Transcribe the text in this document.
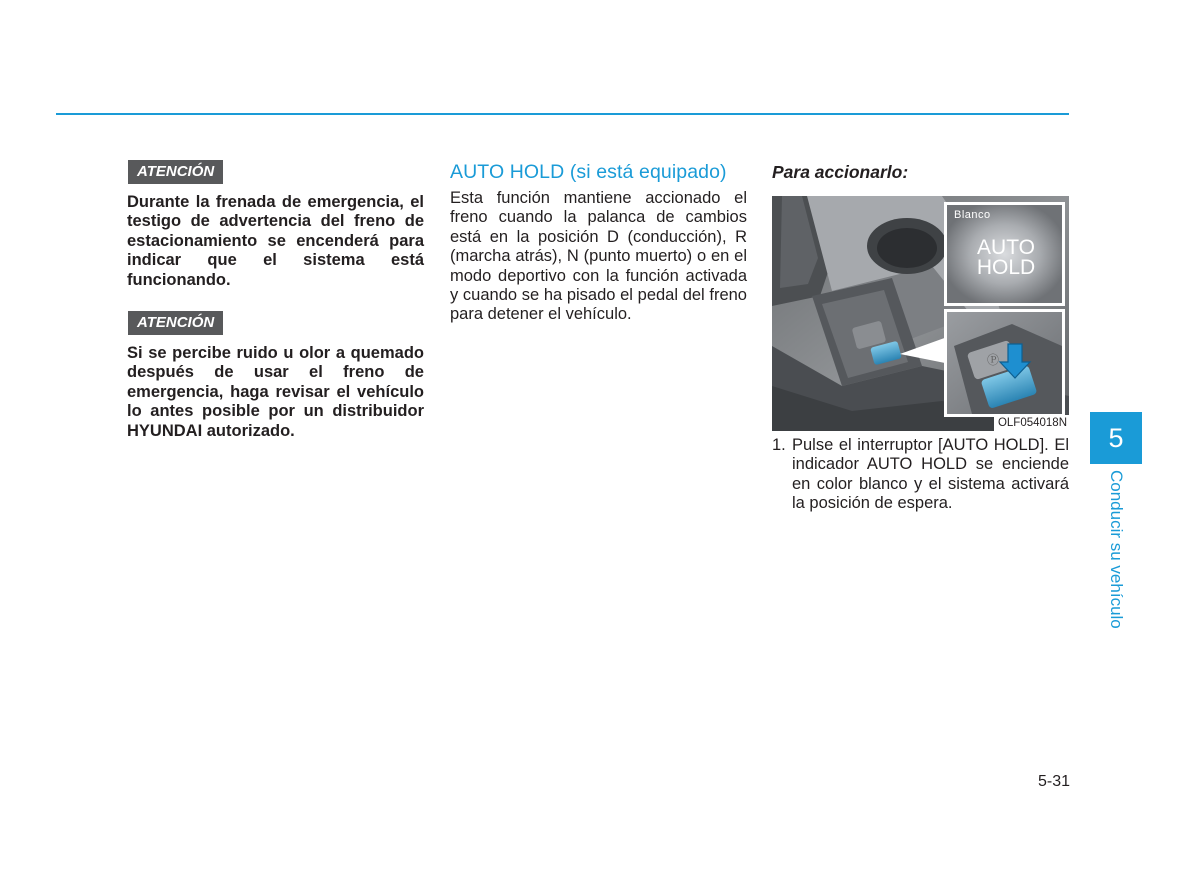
ATENCIÓN

Durante la frenada de emergencia, el testigo de advertencia del freno de estacionamiento se encenderá para indicar que el sistema está funcionando.

ATENCIÓN

Si se percibe ruido u olor a quemado después de usar el freno de emergencia, haga revisar el vehículo lo antes posible por un distribuidor HYUNDAI autorizado.

AUTO HOLD (si está equipado)

Esta función mantiene accionado el freno cuando la palanca de cambios está en la posición D (conducción), R (marcha atrás), N (punto muerto) o en el modo deportivo con la función activada y cuando se ha pisado el pedal del freno para detener el vehículo.

Para accionarlo:
Blanco
AUTO
HOLD
Ⓟ
OLF054018N
1. Pulse el interruptor [AUTO HOLD]. El indicador AUTO HOLD se enciende en color blanco y el sistema activará la posición de espera.
5
Conducir su vehículo
5-31
